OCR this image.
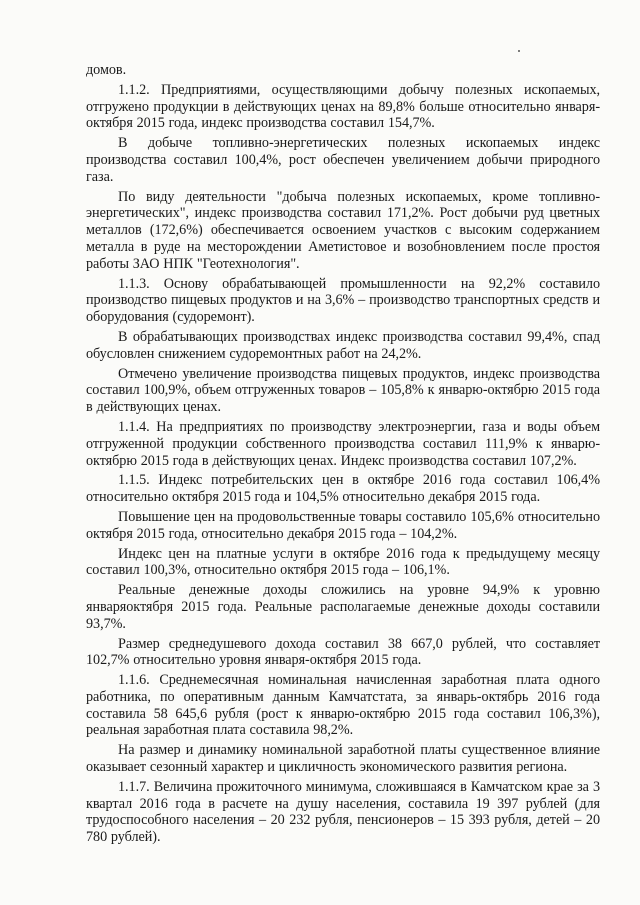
домов.

1.1.2. Предприятиями, осуществляющими добычу полезных ископаемых, отгружено продукции в действующих ценах на 89,8% больше относительно января-октября 2015 года, индекс производства составил 154,7%.

В добыче топливно-энергетических полезных ископаемых индекс производства составил 100,4%, рост обеспечен увеличением добычи природного газа.

По виду деятельности "добыча полезных ископаемых, кроме топливно-энергетических", индекс производства составил 171,2%. Рост добычи руд цветных металлов (172,6%) обеспечивается освоением участков с высоким содержанием металла в руде на месторождении Аметистовое и возобновлением после простоя работы ЗАО НПК "Геотехнология".

1.1.3. Основу обрабатывающей промышленности на 92,2% составило производство пищевых продуктов и на 3,6% – производство транспортных средств и оборудования (судоремонт).

В обрабатывающих производствах индекс производства составил 99,4%, спад обусловлен снижением судоремонтных работ на 24,2%.

Отмечено увеличение производства пищевых продуктов, индекс производства составил 100,9%, объем отгруженных товаров – 105,8% к январю-октябрю 2015 года в действующих ценах.

1.1.4. На предприятиях по производству электроэнергии, газа и воды объем отгруженной продукции собственного производства составил 111,9% к январю-октябрю 2015 года в действующих ценах. Индекс производства составил 107,2%.

1.1.5. Индекс потребительских цен в октябре 2016 года составил 106,4% относительно октября 2015 года и 104,5% относительно декабря 2015 года.

Повышение цен на продовольственные товары составило 105,6% относительно октября 2015 года, относительно декабря 2015 года – 104,2%.

Индекс цен на платные услуги в октябре 2016 года к предыдущему месяцу составил 100,3%, относительно октября 2015 года – 106,1%.

Реальные денежные доходы сложились на уровне 94,9% к уровню январяоктября 2015 года. Реальные располагаемые денежные доходы составили 93,7%.

Размер среднедушевого дохода составил 38 667,0 рублей, что составляет 102,7% относительно уровня января-октября 2015 года.

1.1.6. Среднемесячная номинальная начисленная заработная плата одного работника, по оперативным данным Камчатстата, за январь-октябрь 2016 года составила 58 645,6 рубля (рост к январю-октябрю 2015 года составил 106,3%), реальная заработная плата составила 98,2%.

На размер и динамику номинальной заработной платы существенное влияние оказывает сезонный характер и цикличность экономического развития региона.

1.1.7. Величина прожиточного минимума, сложившаяся в Камчатском крае за 3 квартал 2016 года в расчете на душу населения, составила 19 397 рублей (для трудоспособного населения – 20 232 рубля, пенсионеров – 15 393 рубля, детей – 20 780 рублей).
